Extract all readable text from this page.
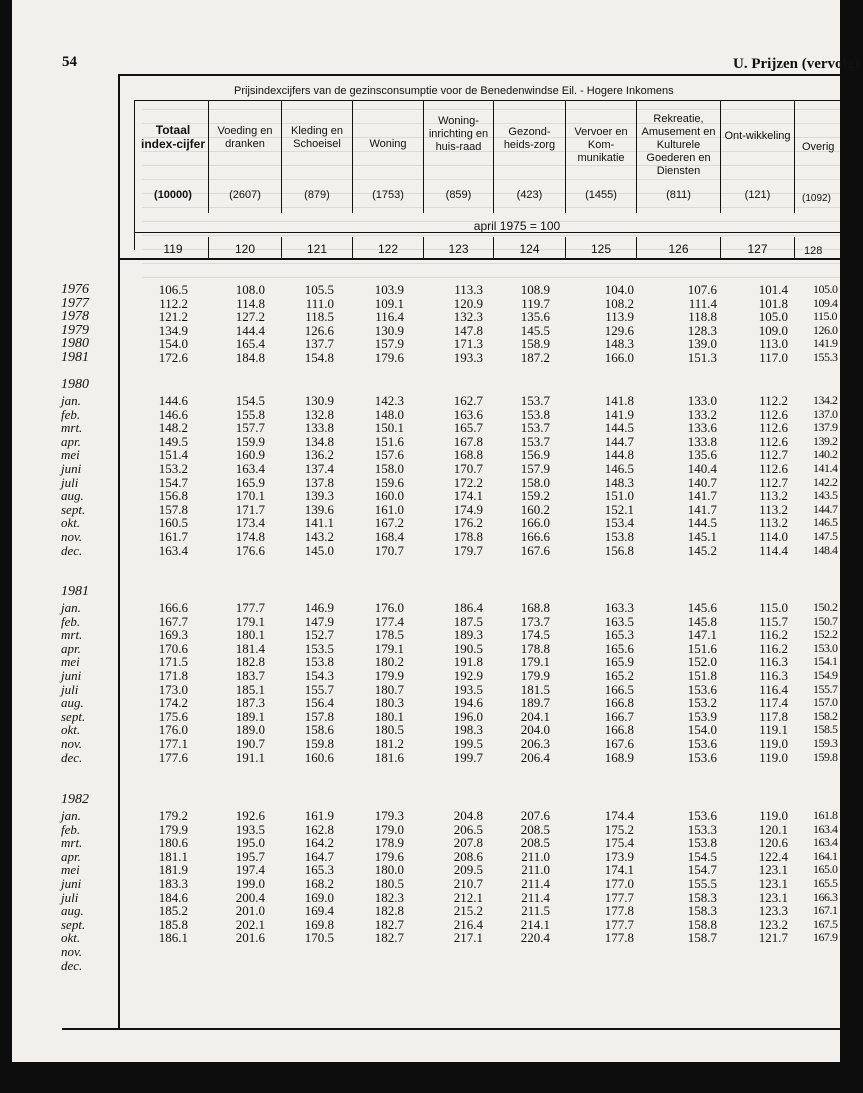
54	U. Prijzen (vervolg)
Prijsindexcijfers van de gezinsconsumptie voor de Benedenwindse Eil. - Hogere Inkomens
Totaal index-cijfer
Voeding en dranken
Kleding en Schoeisel	Woning
Woning-inrichting en huis-raad
Gezond-heids-zorg
Vervoer en Kom-munikatie
Rekreatie, Amusement en Kulturele Goederen en Diensten
Ont-wikkeling
Overig
(10000)	(2607)	(879)	(1753)	(859)	(423)	(1455)	(811)	(121)	(1092)
april 1975 = 100
119	120	121	122	123	124	125	126	127	128
1976	106.5	108.0	105.5	103.9	113.3	108.9	104.0	107.6	101.4 105.0
1977	112.2	114.8	111.0	109.1	120.9	119.7	108.2	111.4	101.8 109.4
1978	121.2	127.2	118.5	116.4	132.3	135.6	113.9	118.8	105.0 115.0
1979	134.9	144.4	126.6	130.9	147.8	145.5	129.6	128.3	109.0 126.0
1980	154.0	165.4	137.7	157.9	171.3	158.9	148.3	139.0	113.0 141.9
1981	172.6	184.8	154.8	179.6	193.3	187.2	166.0	151.3	117.0 155.3
1980
jan.	144.6	154.5	130.9	142.3	162.7	153.7	141.8	133.0	112.2 134.2
feb.	146.6	155.8	132.8	148.0	163.6	153.8	141.9	133.2	112.6 137.0
mrt.	148.2	157.7	133.8	150.1	165.7	153.7	144.5	133.6	112.6 137.9
apr.	149.5	159.9	134.8	151.6	167.8	153.7	144.7	133.8	112.6 139.2
mei	151.4	160.9	136.2	157.6	168.8	156.9	144.8	135.6	112.7 140.2
juni	153.2	163.4	137.4	158.0	170.7	157.9	146.5	140.4	112.6 141.4
juli	154.7	165.9	137.8	159.6	172.2	158.0	148.3	140.7	112.7 142.2
aug.	156.8	170.1	139.3	160.0	174.1	159.2	151.0	141.7	113.2 143.5
sept.	157.8	171.7	139.6	161.0	174.9	160.2	152.1	141.7	113.2 144.7
okt.	160.5	173.4	141.1	167.2	176.2	166.0	153.4	144.5	113.2 146.5
nov.	161.7	174.8	143.2	168.4	178.8	166.6	153.8	145.1	114.0 147.5
dec.	163.4	176.6	145.0	170.7	179.7	167.6	156.8	145.2	114.4 148.4
1981
jan.	166.6	177.7	146.9	176.0	186.4	168.8	163.3	145.6	115.0 150.2
feb.	167.7	179.1	147.9	177.4	187.5	173.7	163.5	145.8	115.7 150.7
mrt.	169.3	180.1	152.7	178.5	189.3	174.5	165.3	147.1	116.2 152.2
apr.	170.6	181.4	153.5	179.1	190.5	178.8	165.6	151.6	116.2 153.0
mei	171.5	182.8	153.8	180.2	191.8	179.1	165.9	152.0	116.3 154.1
juni	171.8	183.7	154.3	179.9	192.9	179.9	165.2	151.8	116.3 154.9
juli	173.0	185.1	155.7	180.7	193.5	181.5	166.5	153.6	116.4 155.7
aug.	174.2	187.3	156.4	180.3	194.6	189.7	166.8	153.2	117.4 157.0
sept.	175.6	189.1	157.8	180.1	196.0	204.1	166.7	153.9	117.8 158.2
okt.	176.0	189.0	158.6	180.5	198.3	204.0	166.8	154.0	119.1 158.5
nov.	177.1	190.7	159.8	181.2	199.5	206.3	167.6	153.6	119.0 159.3
dec.	177.6	191.1	160.6	181.6	199.7	206.4	168.9	153.6	119.0 159.8
1982
jan.	179.2	192.6	161.9	179.3	204.8	207.6	174.4	153.6	119.0 161.8
feb.	179.9	193.5	162.8	179.0	206.5	208.5	175.2	153.3	120.1 163.4
mrt.	180.6	195.0	164.2	178.9	207.8	208.5	175.4	153.8	120.6 163.4
apr.	181.1	195.7	164.7	179.6	208.6	211.0	173.9	154.5	122.4 164.1
mei	181.9	197.4	165.3	180.0	209.5	211.0	174.1	154.7	123.1 165.0
juni	183.3	199.0	168.2	180.5	210.7	211.4	177.0	155.5	123.1 165.5
juli	184.6	200.4	169.0	182.3	212.1	211.4	177.7	158.3	123.1 166.3
aug.	185.2	201.0	169.4	182.8	215.2	211.5	177.8	158.3	123.3 167.1
sept.	185.8	202.1	169.8	182.7	216.4	214.1	177.7	158.8	123.2 167.5
okt.	186.1	201.6	170.5	182.7	217.1	220.4	177.8	158.7	121.7 167.9
nov.
dec.
